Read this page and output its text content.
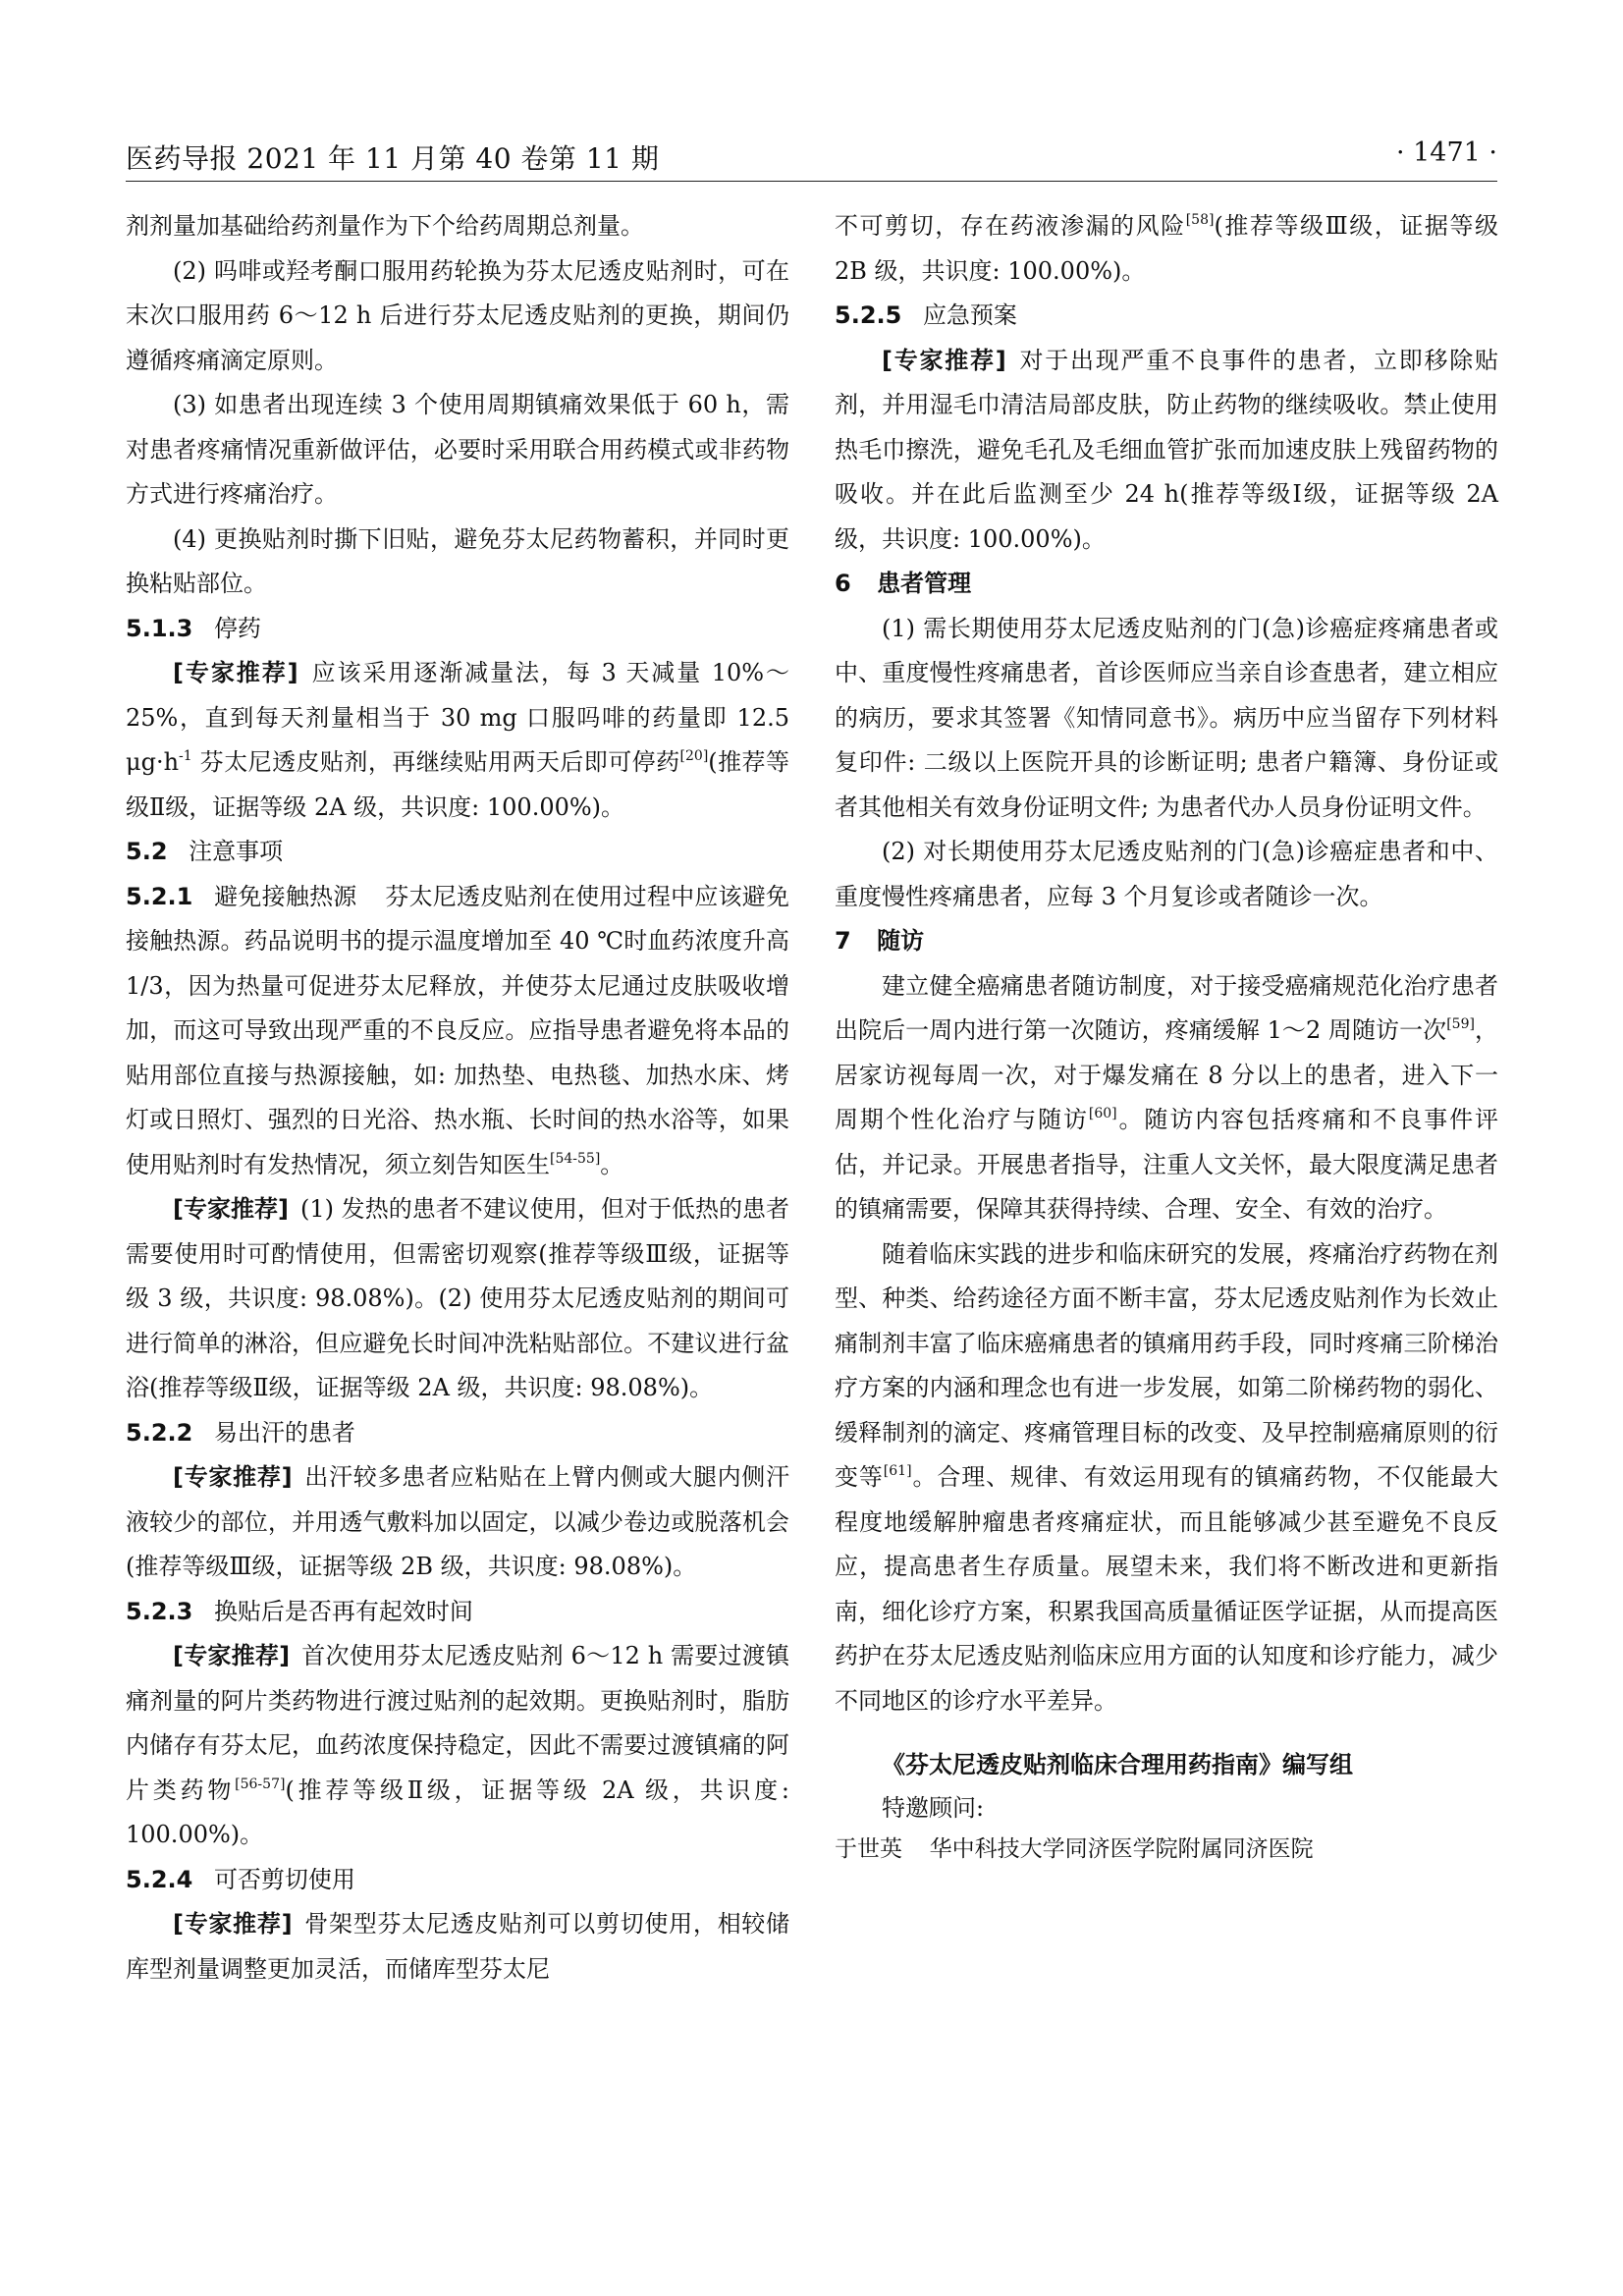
医药导报 2021 年 11 月第 40 卷第 11 期	· 1471 ·

剂剂量加基础给药剂量作为下个给药周期总剂量。

(2) 吗啡或羟考酮口服用药轮换为芬太尼透皮贴剂时，可在末次口服用药 6～12 h 后进行芬太尼透皮贴剂的更换，期间仍遵循疼痛滴定原则。

(3) 如患者出现连续 3 个使用周期镇痛效果低于 60 h，需对患者疼痛情况重新做评估，必要时采用联合用药模式或非药物方式进行疼痛治疗。

(4) 更换贴剂时撕下旧贴，避免芬太尼药物蓄积，并同时更换粘贴部位。

5.1.3 停药

[专家推荐]  应该采用逐渐减量法，每 3 天减量 10%～25%，直到每天剂量相当于 30 mg 口服吗啡的药量即 12.5 $\mu g\cdot h^{-1}$ 芬太尼透皮贴剂，再继续贴用两天后即可停药[20](推荐等级Ⅱ级，证据等级 2A 级，共识度: 100.00%)。

5.2 注意事项

5.2.1 避免接触热源 芬太尼透皮贴剂在使用过程中应该避免接触热源。药品说明书的提示温度增加至 40 ℃时血药浓度升高 1/3，因为热量可促进芬太尼释放，并使芬太尼通过皮肤吸收增加，而这可导致出现严重的不良反应。应指导患者避免将本品的贴用部位直接与热源接触，如: 加热垫、电热毯、加热水床、烤灯或日照灯、强烈的日光浴、热水瓶、长时间的热水浴等，如果使用贴剂时有发热情况，须立刻告知医生[54-55]。

[专家推荐]  (1) 发热的患者不建议使用，但对于低热的患者需要使用时可酌情使用，但需密切观察(推荐等级Ⅲ级，证据等级 3 级，共识度: 98.08%)。(2) 使用芬太尼透皮贴剂的期间可进行简单的淋浴，但应避免长时间冲洗粘贴部位。不建议进行盆浴(推荐等级Ⅱ级，证据等级 2A 级，共识度: 98.08%)。

5.2.2 易出汗的患者

[专家推荐]  出汗较多患者应粘贴在上臂内侧或大腿内侧汗液较少的部位，并用透气敷料加以固定，以减少卷边或脱落机会(推荐等级Ⅲ级，证据等级 2B 级，共识度: 98.08%)。

5.2.3 换贴后是否再有起效时间

[专家推荐]  首次使用芬太尼透皮贴剂 6～12 h 需要过渡镇痛剂量的阿片类药物进行渡过贴剂的起效期。更换贴剂时，脂肪内储存有芬太尼，血药浓度保持稳定，因此不需要过渡镇痛的阿片类药物[56-57](推荐等级Ⅱ级，证据等级 2A 级，共识度: 100.00%)。

5.2.4 可否剪切使用

[专家推荐]  骨架型芬太尼透皮贴剂可以剪切使用，相较储库型剂量调整更加灵活，而储库型芬太尼

不可剪切，存在药液渗漏的风险[58](推荐等级Ⅲ级，证据等级 2B 级，共识度: 100.00%)。

5.2.5 应急预案

[专家推荐]  对于出现严重不良事件的患者，立即移除贴剂，并用湿毛巾清洁局部皮肤，防止药物的继续吸收。禁止使用热毛巾擦洗，避免毛孔及毛细血管扩张而加速皮肤上残留药物的吸收。并在此后监测至少 24 h(推荐等级Ⅰ级，证据等级 2A 级，共识度: 100.00%)。

6 患者管理

(1) 需长期使用芬太尼透皮贴剂的门(急)诊癌症疼痛患者或中、重度慢性疼痛患者，首诊医师应当亲自诊查患者，建立相应的病历，要求其签署《知情同意书》。病历中应当留存下列材料复印件: 二级以上医院开具的诊断证明; 患者户籍簿、身份证或者其他相关有效身份证明文件; 为患者代办人员身份证明文件。

(2) 对长期使用芬太尼透皮贴剂的门(急)诊癌症患者和中、重度慢性疼痛患者，应每 3 个月复诊或者随诊一次。

7 随访

建立健全癌痛患者随访制度，对于接受癌痛规范化治疗患者出院后一周内进行第一次随访，疼痛缓解 1～2 周随访一次[59]，居家访视每周一次，对于爆发痛在 8 分以上的患者，进入下一周期个性化治疗与随访[60]。随访内容包括疼痛和不良事件评估，并记录。开展患者指导，注重人文关怀，最大限度满足患者的镇痛需要，保障其获得持续、合理、安全、有效的治疗。

随着临床实践的进步和临床研究的发展，疼痛治疗药物在剂型、种类、给药途径方面不断丰富，芬太尼透皮贴剂作为长效止痛制剂丰富了临床癌痛患者的镇痛用药手段，同时疼痛三阶梯治疗方案的内涵和理念也有进一步发展，如第二阶梯药物的弱化、缓释制剂的滴定、疼痛管理目标的改变、及早控制癌痛原则的衍变等[61]。合理、规律、有效运用现有的镇痛药物，不仅能最大程度地缓解肿瘤患者疼痛症状，而且能够减少甚至避免不良反应，提高患者生存质量。展望未来，我们将不断改进和更新指南，细化诊疗方案，积累我国高质量循证医学证据，从而提高医药护在芬太尼透皮贴剂临床应用方面的认知度和诊疗能力，减少不同地区的诊疗水平差异。

《芬太尼透皮贴剂临床合理用药指南》编写组

特邀顾问:

于世英 华中科技大学同济医学院附属同济医院
